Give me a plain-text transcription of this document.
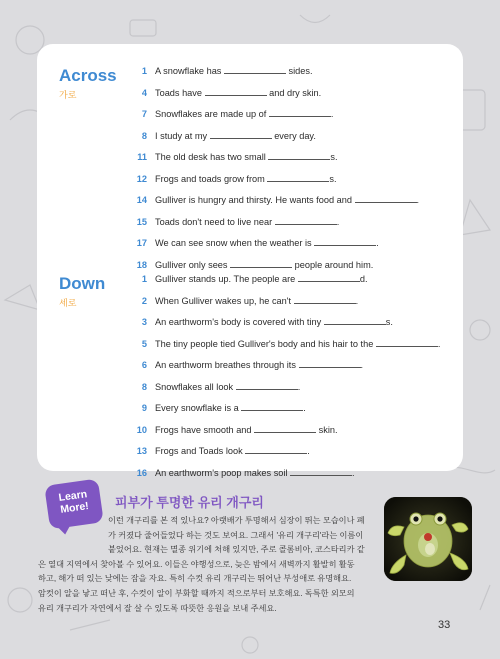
Across
가로
1 A snowflake has	sides.
4 Toads have	and dry skin.
7 Snowflakes are made up of	.
8 I study at my	every day.
11 The old desk has two small	s.
12 Frogs and toads grow from	s.
14 Gulliver is hungry and thirsty. He wants food and	.
15 Toads don't need to live near	.
17 We can see snow when the weather is	.
18 Gulliver only sees	people around him.
Down
세로
1 Gulliver stands up. The people are	d.
2 When Gulliver wakes up, he can't	.
3 An earthworm's body is covered with tiny	s.
5 The tiny people tied Gulliver's body and his hair to the	.
6 An earthworm breathes through its	.
8 Snowflakes all look	.
9 Every snowflake is a	.
10 Frogs have smooth and	skin.
13 Frogs and Toads look	.
16 An earthworm's poop makes soil	.
Learn
More!	피부가 투명한 유리 개구리

이런 개구리를 본 적 있나요? 아랫배가 투명해서 심장이 뛰는 모습이나 폐

가 커졌다 줄어들었다 하는 것도 보여요. 그래서 '유리 개구리'라는 이름이

붙었어요. 현재는 멸종 위기에 처해 있지만, 주로 콜롬비아, 코스타리카 같

은 열대 지역에서 찾아볼 수 있어요. 이들은 야행성으로, 늦은 밤에서 새벽까지 활발히 활동

하고, 해가 떠 있는 낮에는 잠을 자요. 특히 수컷 유리 개구리는 뛰어난 부성애로 유명해요.

암컷이 알을 낳고 떠난 후, 수컷이 알이 부화할 때까지 적으로부터 보호해요. 독특한 외모의

유리 개구리가 자연에서 잘 살 수 있도록 따뜻한 응원을 보내 주세요.

33
